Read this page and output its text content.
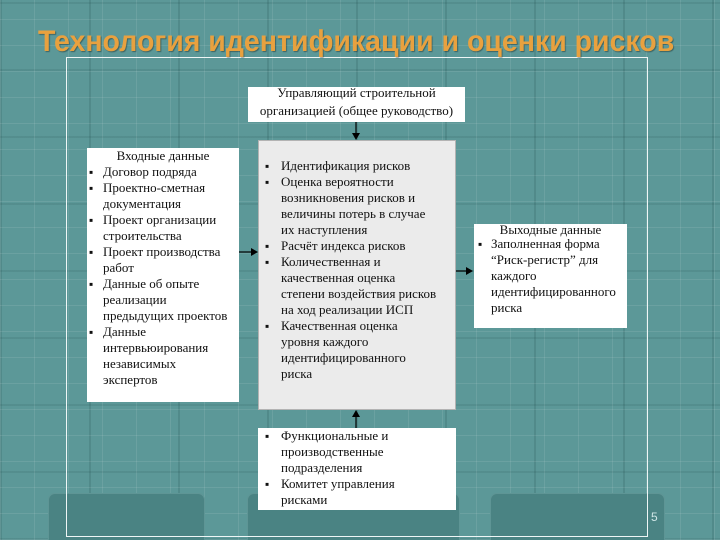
Технология идентификации и оценки рисков
Управляющий строительной
организацией (общее руководство)
Входные данные
▪ Договор подряда
▪ Проектно-сметная
документация
▪ Проект организации
строительства
▪ Проект производства
работ
▪ Данные об опыте
реализации
предыдущих проектов
▪ Данные
интервьюирования
независимых
экспертов
▪ Идентификация рисков
▪ Оценка вероятности
возникновения рисков и
величины потерь в случае
их наступления
▪ Расчёт индекса рисков
▪ Количественная и
качественная оценка
степени воздействия рисков
на ход реализации ИСП
▪ Качественная оценка
уровня каждого
идентифицированного
риска
Выходные данные
▪ Заполненная форма
“Риск-регистр” для
каждого
идентифицированного
риска
▪ Функциональные и
производственные
подразделения
▪ Комитет управления
рисками
5
